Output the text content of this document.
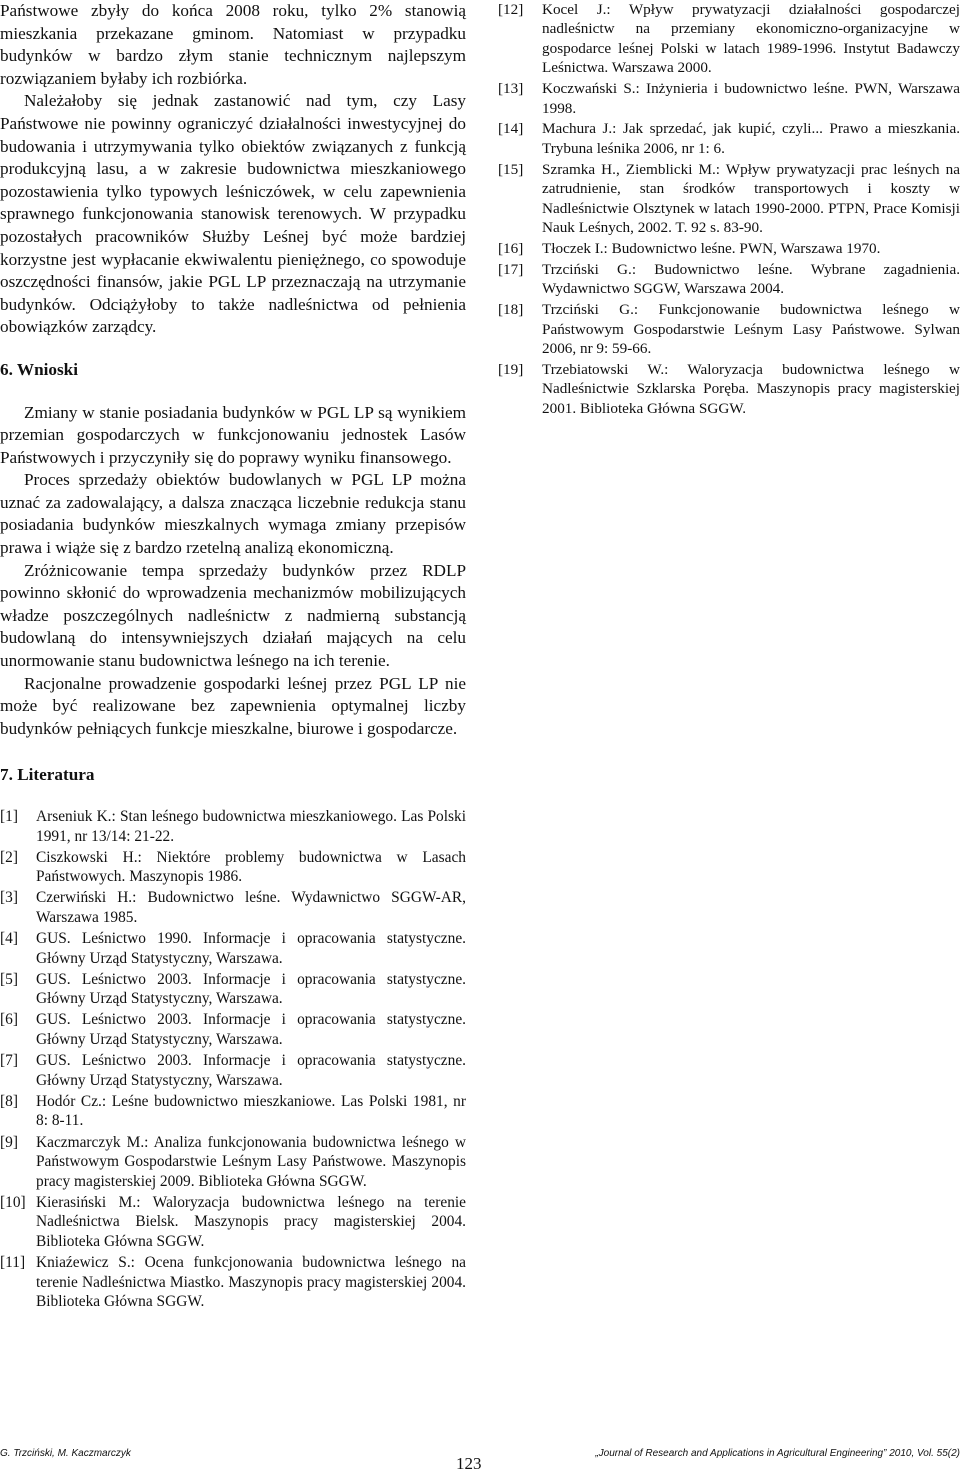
Państwowe zbyły do końca 2008 roku, tylko 2% stanowią mieszkania przekazane gminom. Natomiast w przypadku budynków w bardzo złym stanie technicznym najlepszym rozwiązaniem byłaby ich rozbiórka.

Należałoby się jednak zastanowić nad tym, czy Lasy Państwowe nie powinny ograniczyć działalności inwestycyjnej do budowania i utrzymywania tylko obiektów związanych z funkcją produkcyjną lasu, a w zakresie budownictwa mieszkaniowego pozostawienia tylko typowych leśniczówek, w celu zapewnienia sprawnego funkcjonowania stanowisk terenowych. W przypadku pozostałych pracowników Służby Leśnej być może bardziej korzystne jest wypłacanie ekwiwalentu pieniężnego, co spowoduje oszczędności finansów, jakie PGL LP przeznaczają na utrzymanie budynków. Odciążyłoby to także nadleśnictwa od pełnienia obowiązków zarządcy.

6. Wnioski

Zmiany w stanie posiadania budynków w PGL LP są wynikiem przemian gospodarczych w funkcjonowaniu jednostek Lasów Państwowych i przyczyniły się do poprawy wyniku finansowego.

Proces sprzedaży obiektów budowlanych w PGL LP można uznać za zadowalający, a dalsza znacząca liczebnie redukcja stanu posiadania budynków mieszkalnych wymaga zmiany przepisów prawa i wiąże się z bardzo rzetelną analizą ekonomiczną.

Zróżnicowanie tempa sprzedaży budynków przez RDLP powinno skłonić do wprowadzenia mechanizmów mobilizujących władze poszczególnych nadleśnictw z nadmierną substancją budowlaną do intensywniejszych działań mających na celu unormowanie stanu budownictwa leśnego na ich terenie.

Racjonalne prowadzenie gospodarki leśnej przez PGL LP nie może być realizowane bez zapewnienia optymalnej liczby budynków pełniących funkcje mieszkalne, biurowe i gospodarcze.

7. Literatura

[1] Arseniuk K.: Stan leśnego budownictwa mieszkaniowego. Las Polski 1991, nr 13/14: 21-22.
[2] Ciszkowski H.: Niektóre problemy budownictwa w Lasach Państwowych. Maszynopis 1986.
[3] Czerwiński H.: Budownictwo leśne. Wydawnictwo SGGW-AR, Warszawa 1985.
[4] GUS. Leśnictwo 1990. Informacje i opracowania statystyczne. Główny Urząd Statystyczny, Warszawa.
[5] GUS. Leśnictwo 2003. Informacje i opracowania statystyczne. Główny Urząd Statystyczny, Warszawa.
[6] GUS. Leśnictwo 2003. Informacje i opracowania statystyczne. Główny Urząd Statystyczny, Warszawa.
[7] GUS. Leśnictwo 2003. Informacje i opracowania statystyczne. Główny Urząd Statystyczny, Warszawa.
[8] Hodór Cz.: Leśne budownictwo mieszkaniowe. Las Polski 1981, nr 8: 8-11.
[9] Kaczmarczyk M.: Analiza funkcjonowania budownictwa leśnego w Państwowym Gospodarstwie Leśnym Lasy Państwowe. Maszynopis pracy magisterskiej 2009. Biblioteka Główna SGGW.
[10] Kierasiński M.: Waloryzacja budownictwa leśnego na terenie Nadleśnictwa Bielsk. Maszynopis pracy magisterskiej 2004. Biblioteka Główna SGGW.
[11] Kniaźewicz S.: Ocena funkcjonowania budownictwa leśnego na terenie Nadleśnictwa Miastko. Maszynopis pracy magisterskiej 2004. Biblioteka Główna SGGW.
[12] Kocel J.: Wpływ prywatyzacji działalności gospodarczej nadleśnictw na przemiany ekonomiczno-organizacyjne w gospodarce leśnej Polski w latach 1989-1996. Instytut Badawczy Leśnictwa. Warszawa 2000.
[13] Koczwański S.: Inżynieria i budownictwo leśne. PWN, Warszawa 1998.
[14] Machura J.: Jak sprzedać, jak kupić, czyli... Prawo a mieszkania. Trybuna leśnika 2006, nr 1: 6.
[15] Szramka H., Ziemblicki M.: Wpływ prywatyzacji prac leśnych na zatrudnienie, stan środków transportowych i koszty w Nadleśnictwie Olsztynek w latach 1990-2000. PTPN, Prace Komisji Nauk Leśnych, 2002. T. 92 s. 83-90.
[16] Tłoczek I.: Budownictwo leśne. PWN, Warszawa 1970.
[17] Trzciński G.: Budownictwo leśne. Wybrane zagadnienia. Wydawnictwo SGGW, Warszawa 2004.
[18] Trzciński G.: Funkcjonowanie budownictwa leśnego w Państwowym Gospodarstwie Leśnym Lasy Państwowe. Sylwan 2006, nr 9: 59-66.
[19] Trzebiatowski W.: Waloryzacja budownictwa leśnego w Nadleśnictwie Szklarska Poręba. Maszynopis pracy magisterskiej 2001. Biblioteka Główna SGGW.
G. Trzciński, M. Kaczmarczyk
123
„Journal of Research and Applications in Agricultural Engineering” 2010, Vol. 55(2)
